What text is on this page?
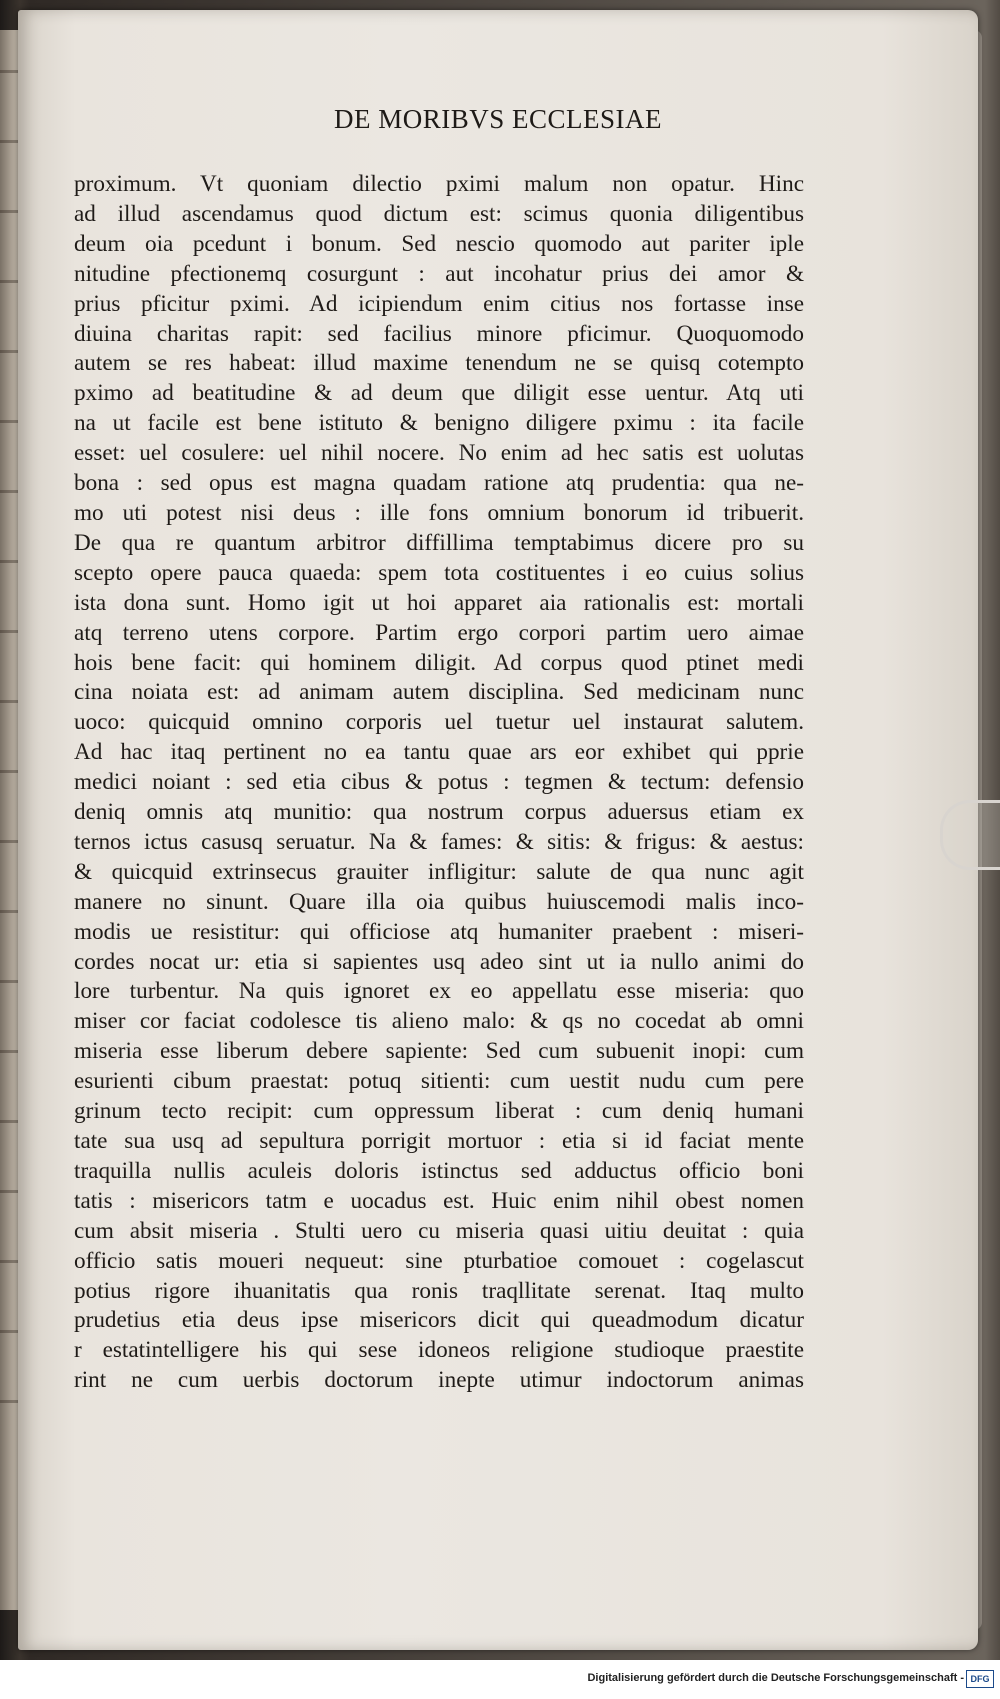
DE MORIBVS ECCLESIAE
proximum. Vt quoniam dilectio pximi malum non opatur. Hinc
ad illud ascendamus quod dictum est: scimus quonia diligentibus
deum oia pcedunt i bonum. Sed nescio quomodo aut pariter iple
nitudine pfectionemq cosurgunt : aut incohatur prius dei amor &
prius pficitur pximi. Ad icipiendum enim citius nos fortasse inse
diuina charitas rapit: sed facilius minore pficimur. Quoquomodo
autem se res habeat: illud maxime tenendum ne se quisq cotempto
pximo ad beatitudine & ad deum que diligit esse uentur. Atq uti
na ut facile est bene istituto & benigno diligere pximu : ita facile
esset: uel cosulere: uel nihil nocere. No enim ad hec satis est uolutas
bona : sed opus est magna quadam ratione atq prudentia: qua ne-
mo uti potest nisi deus : ille fons omnium bonorum id tribuerit.
De qua re quantum arbitror diffillima temptabimus dicere pro su
scepto opere pauca quaeda: spem tota costituentes i eo cuius solius
ista dona sunt. Homo igit ut hoi apparet aia rationalis est: mortali
atq terreno utens corpore. Partim ergo corpori partim uero aimae
hois bene facit: qui hominem diligit. Ad corpus quod ptinet medi
cina noiata est: ad animam autem disciplina. Sed medicinam nunc
uoco: quicquid omnino corporis uel tuetur uel instaurat salutem.
Ad hac itaq pertinent no ea tantu quae ars eor exhibet qui pprie
medici noiant : sed etia cibus & potus : tegmen & tectum: defensio
deniq omnis atq munitio: qua nostrum corpus aduersus etiam ex
ternos ictus casusq seruatur. Na & fames: & sitis: & frigus: & aestus:
& quicquid extrinsecus grauiter infligitur: salute de qua nunc agit
manere no sinunt. Quare illa oia quibus huiuscemodi malis inco-
modis ue resistitur: qui officiose atq humaniter praebent : miseri-
cordes nocat ur: etia si sapientes usq adeo sint ut ia nullo animi do
lore turbentur. Na quis ignoret ex eo appellatu esse miseria: quo
miser cor faciat codolesce tis alieno malo: & qs no cocedat ab omni
miseria esse liberum debere sapiente: Sed cum subuenit inopi: cum
esurienti cibum praestat: potuq sitienti: cum uestit nudu cum pere
grinum tecto recipit: cum oppressum liberat : cum deniq humani
tate sua usq ad sepultura porrigit mortuor : etia si id faciat mente
traquilla nullis aculeis doloris istinctus sed adductus officio boni
tatis : misericors tatm e uocadus est. Huic enim nihil obest nomen
cum absit miseria . Stulti uero cu miseria quasi uitiu deuitat : quia
officio satis moueri nequeut: sine pturbatioe comouet : cogelascut
potius rigore ihuanitatis qua ronis traqllitate serenat. Itaq multo
prudetius etia deus ipse misericors dicit qui queadmodum dicatur
r estatintelligere his qui sese idoneos religione studioque praestite
rint ne cum uerbis doctorum inepte utimur indoctorum animas

Digitalisierung gefördert durch die Deutsche Forschungsgemeinschaft - DFG
